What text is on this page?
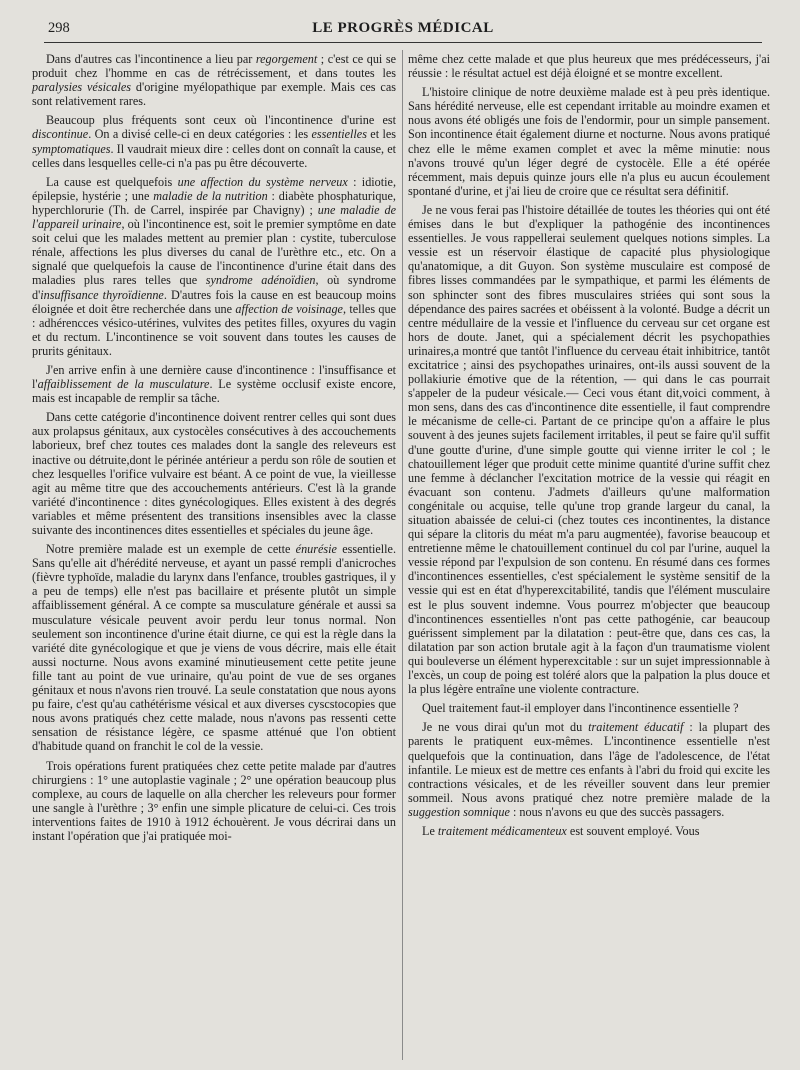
298	LE PROGRÈS MÉDICAL

Dans d'autres cas l'incontinence a lieu par regorgement ; c'est ce qui se produit chez l'homme en cas de rétrécissement, et dans toutes les paralysies vésicales d'origine myélopathique par exemple. Mais ces cas sont relativement rares.

Beaucoup plus fréquents sont ceux où l'incontinence d'urine est discontinue. On a divisé celle-ci en deux catégories : les essentielles et les symptomatiques. Il vaudrait mieux dire : celles dont on connaît la cause, et celles dans lesquelles celle-ci n'a pas pu être découverte.

La cause est quelquefois une affection du système nerveux : idiotie, épilepsie, hystérie ; une maladie de la nutrition : diabète phosphaturique, hyperchlorurie (Th. de Carrel, inspirée par Chavigny) ; une maladie de l'appareil urinaire, où l'incontinence est, soit le premier symptôme en date soit celui que les malades mettent au premier plan : cystite, tuberculose rénale, affections les plus diverses du canal de l'urèthre etc., etc. On a signalé que quelquefois la cause de l'incontinence d'urine était dans des maladies plus rares telles que syndrome adénoïdien, où syndrome d'insuffisance thyroïdienne. D'autres fois la cause en est beaucoup moins éloignée et doit être recherchée dans une affection de voisinage, telles que : adhérencces vésico-utérines, vulvites des petites filles, oxyures du vagin et du rectum. L'incontinence se voit souvent dans toutes les causes de prurits génitaux.

J'en arrive enfin à une dernière cause d'incontinence : l'insuffisance et l'affaiblissement de la musculature. Le système occlusif existe encore, mais est incapable de remplir sa tâche.

Dans cette catégorie d'incontinence doivent rentrer celles qui sont dues aux prolapsus génitaux, aux cystocèles consécutives à des accouchements laborieux, bref chez toutes ces malades dont la sangle des releveurs est inactive ou détruite,dont le périnée antérieur a perdu son rôle de soutien et chez lesquelles l'orifice vulvaire est béant. A ce point de vue, la vieillesse agit au même titre que des accouchements antérieurs. C'est là la grande variété d'incontinence : dites gynécologiques. Elles existent à des degrés variables et même présentent des transitions insensibles avec la classe suivante des incontinences dites essentielles et spéciales du jeune âge.

Notre première malade est un exemple de cette énurésie essentielle. Sans qu'elle ait d'hérédité nerveuse, et ayant un passé rempli d'anicroches (fièvre typhoïde, maladie du larynx dans l'enfance, troubles gastriques, il y a peu de temps) elle n'est pas bacillaire et présente plutôt un simple affaiblissement général. A ce compte sa musculature générale et aussi sa musculature vésicale peuvent avoir perdu leur tonus normal. Non seulement son incontinence d'urine était diurne, ce qui est la règle dans la variété dite gynécologique et que je viens de vous décrire, mais elle était aussi nocturne. Nous avons examiné minutieusement cette petite jeune fille tant au point de vue urinaire, qu'au point de vue de ses organes génitaux et nous n'avons rien trouvé. La seule constatation que nous ayons pu faire, c'est qu'au cathétérisme vésical et aux diverses cyscstocopies que nous avons pratiqués chez cette malade, nous n'avons pas ressenti cette sensation de résistance légère, ce spasme atténué que l'on obtient d'habitude quand on franchit le col de la vessie.

Trois opérations furent pratiquées chez cette petite malade par d'autres chirurgiens : 1° une autoplastie vaginale ; 2° une opération beaucoup plus complexe, au cours de laquelle on alla chercher les releveurs pour former une sangle à l'urèthre ; 3° enfin une simple plicature de celui-ci. Ces trois interventions faites de 1910 à 1912 échouèrent. Je vous décrirai dans un instant l'opération que j'ai pratiquée moi-

même chez cette malade et que plus heureux que mes prédécesseurs, j'ai réussie : le résultat actuel est déjà éloigné et se montre excellent.

L'histoire clinique de notre deuxième malade est à peu près identique. Sans hérédité nerveuse, elle est cependant irritable au moindre examen et nous avons été obligés une fois de l'endormir, pour un simple pansement. Son incontinence était également diurne et nocturne. Nous avons pratiqué chez elle le même examen complet et avec la même minutie: nous n'avons trouvé qu'un léger degré de cystocèle. Elle a été opérée récemment, mais depuis quinze jours elle n'a plus eu aucun écoulement spontané d'urine, et j'ai lieu de croire que ce résultat sera définitif.

Je ne vous ferai pas l'histoire détaillée de toutes les théories qui ont été émises dans le but d'expliquer la pathogénie des incontinences essentielles. Je vous rappellerai seulement quelques notions simples. La vessie est un réservoir élastique de capacité plus physiologique qu'anatomique, a dit Guyon. Son système musculaire est composé de fibres lisses commandées par le sympathique, et parmi les éléments de son sphincter sont des fibres musculaires striées qui sont sous la dépendance des paires sacrées et obéissent à la volonté. Budge a décrit un centre médullaire de la vessie et l'influence du cerveau sur cet organe est hors de doute. Janet, qui a spécialement décrit les psychopathies urinaires,a montré que tantôt l'influence du cerveau était inhibitrice, tantôt excitatrice ; ainsi des psychopathes urinaires, ont-ils aussi souvent de la pollakiurie émotive que de la rétention, — qui dans le cas pourrait s'appeler de la pudeur vésicale.— Ceci vous étant dit,voici comment, à mon sens, dans des cas d'incontinence dite essentielle, il faut comprendre le mécanisme de celle-ci. Partant de ce principe qu'on a affaire le plus souvent à des jeunes sujets facilement irritables, il peut se faire qu'il suffit d'une goutte d'urine, d'une simple goutte qui vienne irriter le col ; le chatouillement léger que produit cette minime quantité d'urine suffit chez une femme à déclancher l'excitation motrice de la vessie qui réagit en évacuant son contenu. J'admets d'ailleurs qu'une malformation congénitale ou acquise, telle qu'une trop grande largeur du canal, la situation abaissée de celui-ci (chez toutes ces incontinentes, la distance qui sépare la clitoris du méat m'a paru augmentée), favorise beaucoup et entretienne même le chatouillement continuel du col par l'urine, auquel la vessie répond par l'expulsion de son contenu. En résumé dans ces formes d'incontinences essentielles, c'est spécialement le système sensitif de la vessie qui est en état d'hyperexcitabilité, tandis que l'élément musculaire est le plus souvent indemne. Vous pourrez m'objecter que beaucoup d'incontinences essentielles n'ont pas cette pathogénie, car beaucoup guérissent simplement par la dilatation : peut-être que, dans ces cas, la dilatation par son action brutale agit à la façon d'un traumatisme violent qui bouleverse un élément hyperexcitable : sur un sujet impressionnable à l'excès, un coup de poing est toléré alors que la palpation la plus douce et la plus légère entraîne une violente contracture.

Quel traitement faut-il employer dans l'incontinence essentielle ?

Je ne vous dirai qu'un mot du traitement éducatif : la plupart des parents le pratiquent eux-mêmes. L'incontinence essentielle n'est quelquefois que la continuation, dans l'âge de l'adolescence, de l'état infantile. Le mieux est de mettre ces enfants à l'abri du froid qui excite les contractions vésicales, et de les réveiller souvent dans leur premier sommeil. Nous avons pratiqué chez notre première malade de la suggestion somnique : nous n'avons eu que des succès passagers.

Le traitement médicamenteux est souvent employé. Vous
